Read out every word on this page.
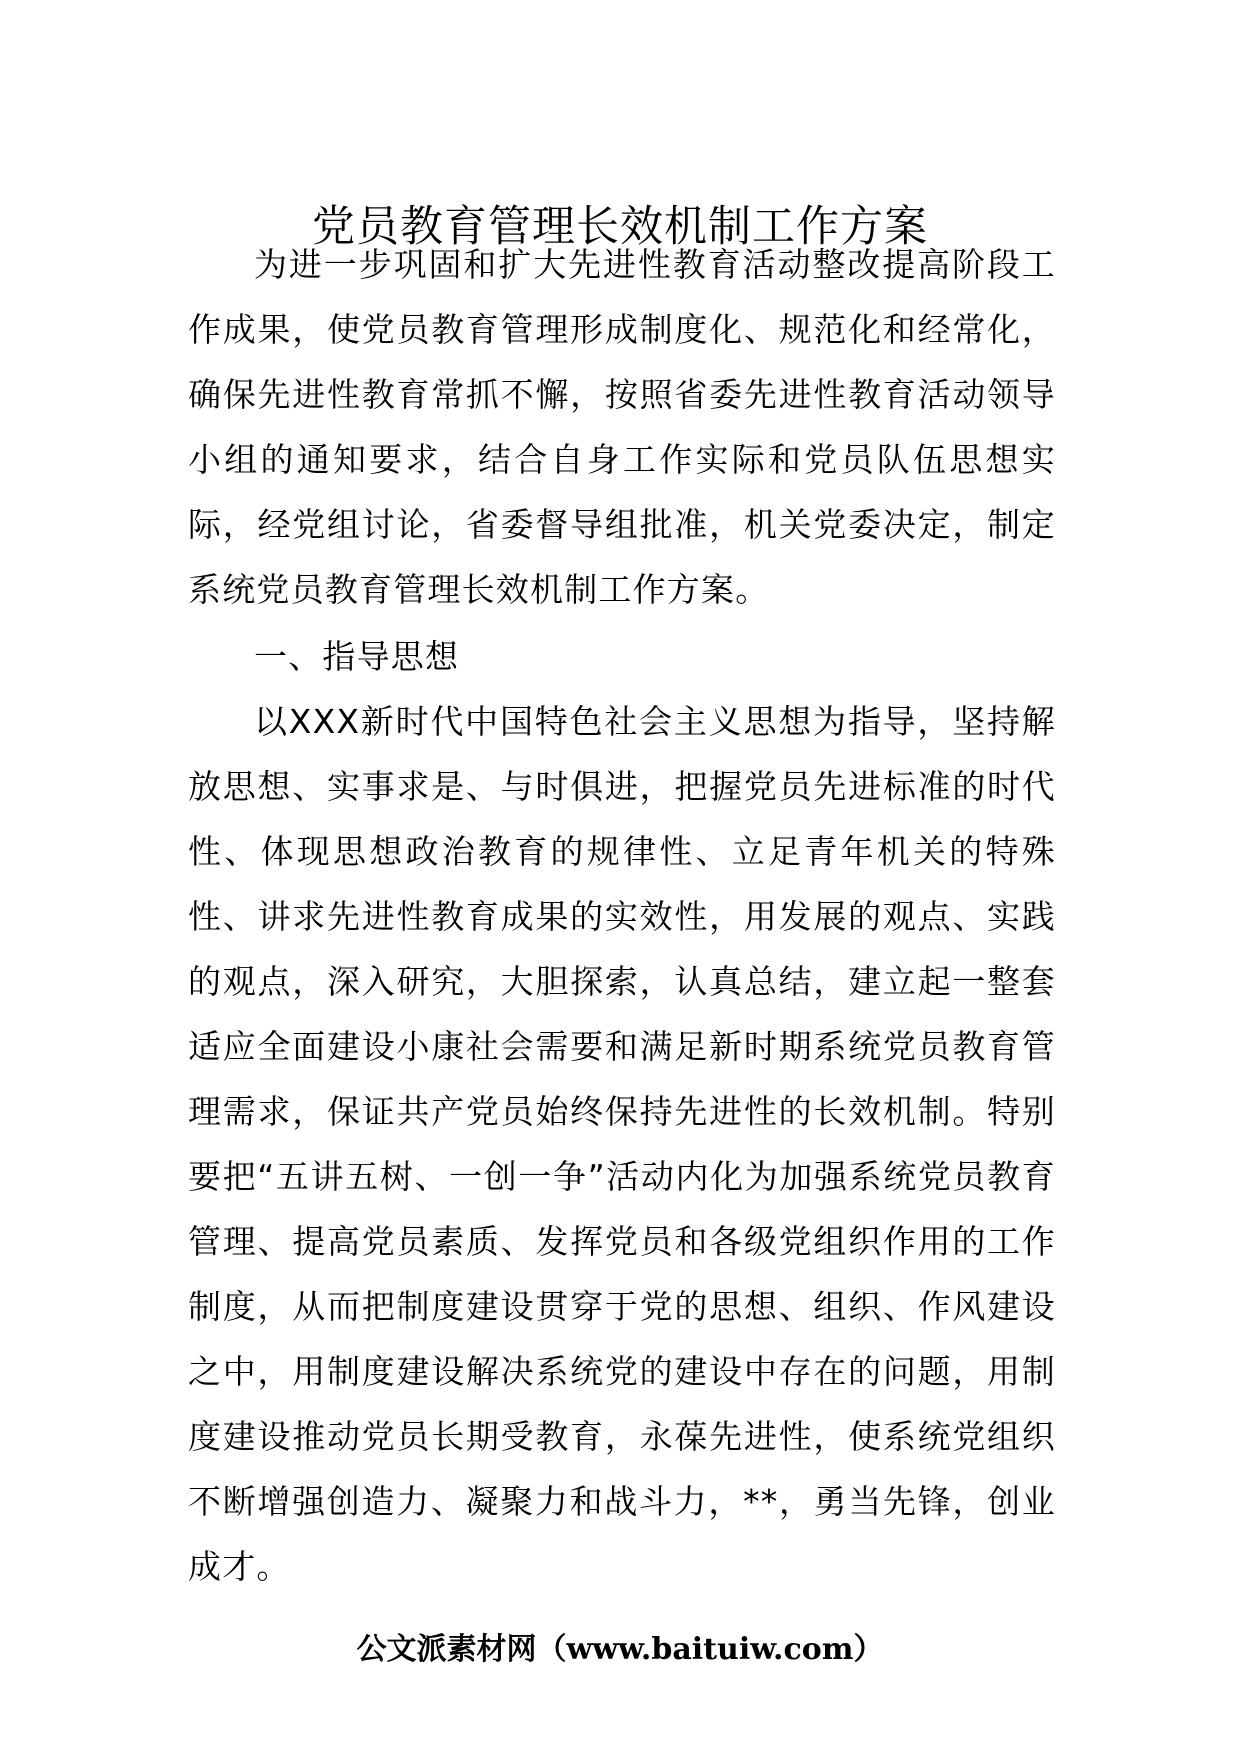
党员教育管理长效机制工作方案

为进一步巩固和扩大先进性教育活动整改提高阶段工作成果，使党员教育管理形成制度化、规范化和经常化，确保先进性教育常抓不懈，按照省委先进性教育活动领导小组的通知要求，结合自身工作实际和党员队伍思想实际，经党组讨论，省委督导组批准，机关党委决定，制定系统党员教育管理长效机制工作方案。

一、指导思想

以XXX新时代中国特色社会主义思想为指导，坚持解放思想、实事求是、与时俱进，把握党员先进标准的时代性、体现思想政治教育的规律性、立足青年机关的特殊性、讲求先进性教育成果的实效性，用发展的观点、实践的观点，深入研究，大胆探索，认真总结，建立起一整套适应全面建设小康社会需要和满足新时期系统党员教育管理需求，保证共产党员始终保持先进性的长效机制。特别要把“五讲五树、一创一争”活动内化为加强系统党员教育管理、提高党员素质、发挥党员和各级党组织作用的工作制度，从而把制度建设贯穿于党的思想、组织、作风建设之中，用制度建设解决系统党的建设中存在的问题，用制度建设推动党员长期受教育，永葆先进性，使系统党组织不断增强创造力、凝聚力和战斗力，**，勇当先锋，创业成才。

公文派素材网（www.baituiw.com）
